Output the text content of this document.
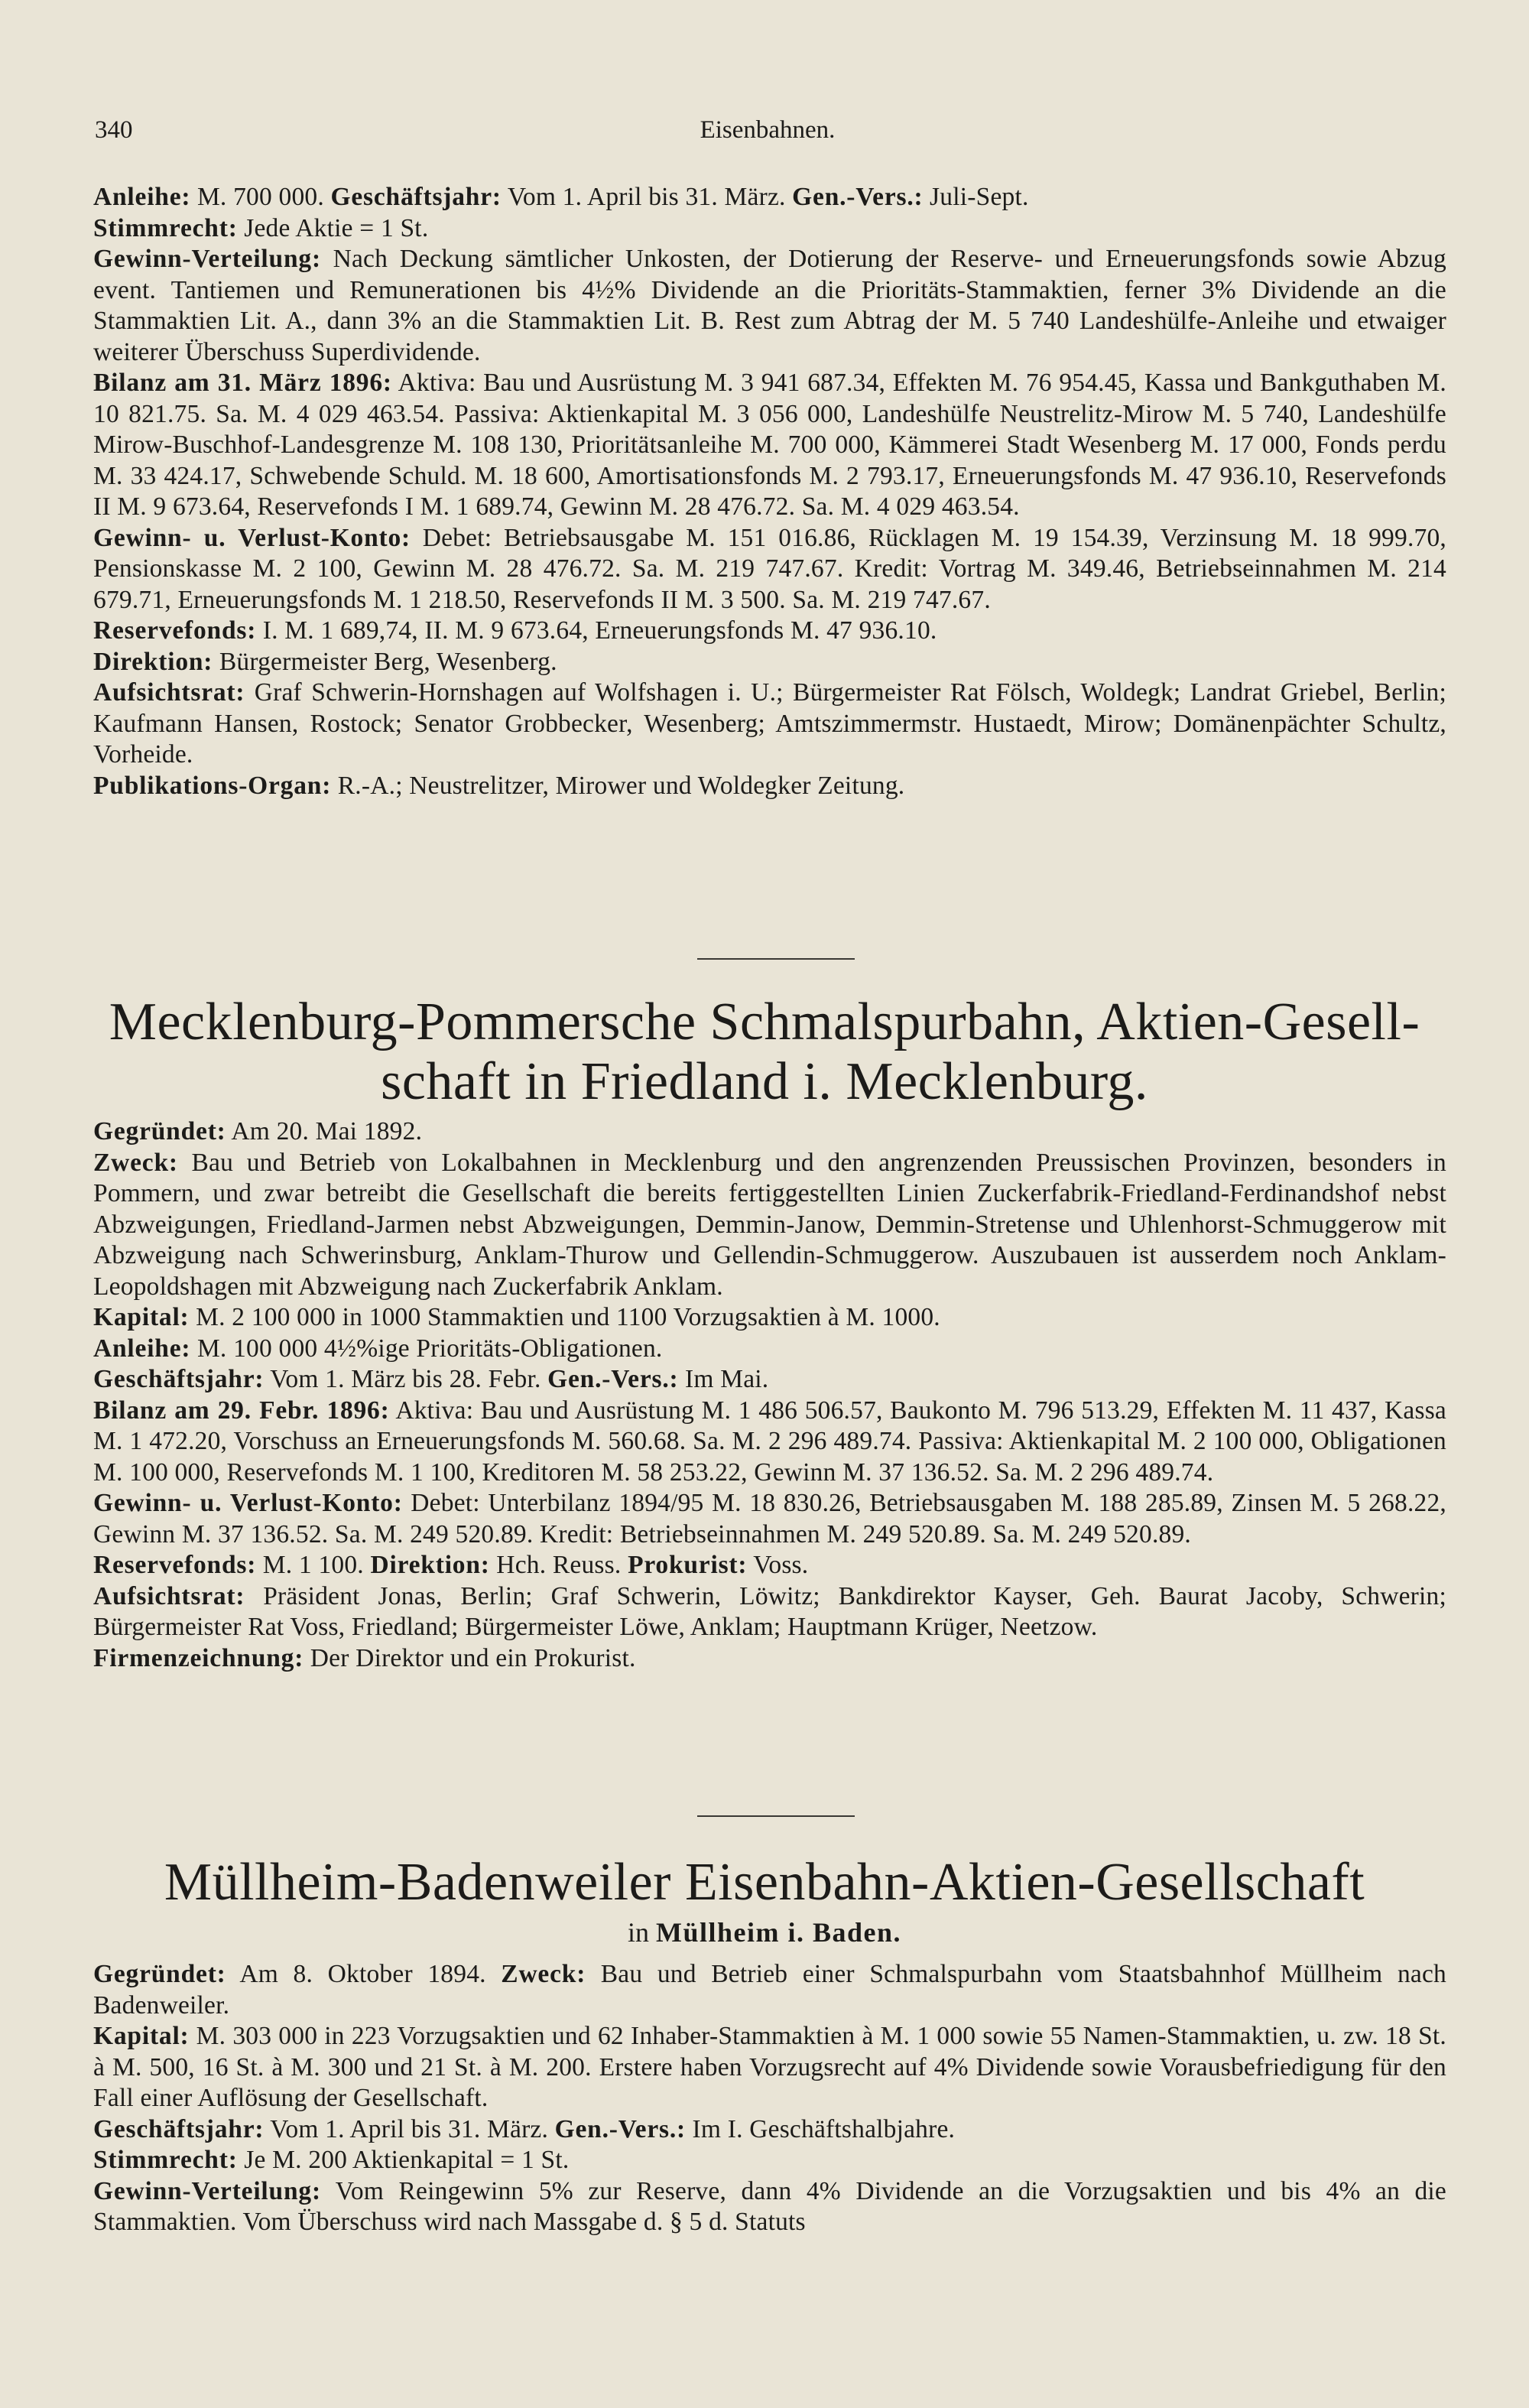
340	Eisenbahnen.

Anleihe: M. 700 000. Geschäftsjahr: Vom 1. April bis 31. März. Gen.-Vers.: Juli-Sept.

Stimmrecht: Jede Aktie = 1 St.

Gewinn-Verteilung: Nach Deckung sämtlicher Unkosten, der Dotierung der Reserve- und Erneuerungsfonds sowie Abzug event. Tantiemen und Remunerationen bis 4½% Dividende an die Prioritäts-Stammaktien, ferner 3% Dividende an die Stammaktien Lit. A., dann 3% an die Stammaktien Lit. B. Rest zum Abtrag der M. 5 740 Landeshülfe-Anleihe und etwaiger weiterer Überschuss Superdividende.

Bilanz am 31. März 1896: Aktiva: Bau und Ausrüstung M. 3 941 687.34, Effekten M. 76 954.45, Kassa und Bankguthaben M. 10 821.75. Sa. M. 4 029 463.54. Passiva: Aktienkapital M. 3 056 000, Landeshülfe Neustrelitz-Mirow M. 5 740, Landeshülfe Mirow-Buschhof-Landesgrenze M. 108 130, Prioritätsanleihe M. 700 000, Kämmerei Stadt Wesenberg M. 17 000, Fonds perdu M. 33 424.17, Schwebende Schuld. M. 18 600, Amortisationsfonds M. 2 793.17, Erneuerungsfonds M. 47 936.10, Reservefonds II M. 9 673.64, Reservefonds I M. 1 689.74, Gewinn M. 28 476.72. Sa. M. 4 029 463.54.

Gewinn- u. Verlust-Konto: Debet: Betriebsausgabe M. 151 016.86, Rücklagen M. 19 154.39, Verzinsung M. 18 999.70, Pensionskasse M. 2 100, Gewinn M. 28 476.72. Sa. M. 219 747.67. Kredit: Vortrag M. 349.46, Betriebseinnahmen M. 214 679.71, Erneuerungsfonds M. 1 218.50, Reservefonds II M. 3 500. Sa. M. 219 747.67.

Reservefonds: I. M. 1 689,74, II. M. 9 673.64, Erneuerungsfonds M. 47 936.10.

Direktion: Bürgermeister Berg, Wesenberg.

Aufsichtsrat: Graf Schwerin-Hornshagen auf Wolfshagen i. U.; Bürgermeister Rat Fölsch, Woldegk; Landrat Griebel, Berlin; Kaufmann Hansen, Rostock; Senator Grobbecker, Wesenberg; Amtszimmermstr. Hustaedt, Mirow; Domänenpächter Schultz, Vorheide.

Publikations-Organ: R.-A.; Neustrelitzer, Mirower und Woldegker Zeitung.

Mecklenburg-Pommersche Schmalspurbahn, Aktien-Gesell-
schaft in Friedland i. Mecklenburg.

Gegründet: Am 20. Mai 1892.

Zweck: Bau und Betrieb von Lokalbahnen in Mecklenburg und den angrenzenden Preussischen Provinzen, besonders in Pommern, und zwar betreibt die Gesellschaft die bereits fertiggestellten Linien Zuckerfabrik-Friedland-Ferdinandshof nebst Abzweigungen, Friedland-Jarmen nebst Abzweigungen, Demmin-Janow, Demmin-Stretense und Uhlenhorst-Schmuggerow mit Abzweigung nach Schwerinsburg, Anklam-Thurow und Gellendin-Schmuggerow. Auszubauen ist ausserdem noch Anklam-Leopoldshagen mit Abzweigung nach Zuckerfabrik Anklam.

Kapital: M. 2 100 000 in 1000 Stammaktien und 1100 Vorzugsaktien à M. 1000.

Anleihe: M. 100 000 4½%ige Prioritäts-Obligationen.

Geschäftsjahr: Vom 1. März bis 28. Febr. Gen.-Vers.: Im Mai.

Bilanz am 29. Febr. 1896: Aktiva: Bau und Ausrüstung M. 1 486 506.57, Baukonto M. 796 513.29, Effekten M. 11 437, Kassa M. 1 472.20, Vorschuss an Erneuerungsfonds M. 560.68. Sa. M. 2 296 489.74. Passiva: Aktienkapital M. 2 100 000, Obligationen M. 100 000, Reservefonds M. 1 100, Kreditoren M. 58 253.22, Gewinn M. 37 136.52. Sa. M. 2 296 489.74.

Gewinn- u. Verlust-Konto: Debet: Unterbilanz 1894/95 M. 18 830.26, Betriebsausgaben M. 188 285.89, Zinsen M. 5 268.22, Gewinn M. 37 136.52. Sa. M. 249 520.89. Kredit: Betriebseinnahmen M. 249 520.89. Sa. M. 249 520.89.

Reservefonds: M. 1 100. Direktion: Hch. Reuss. Prokurist: Voss.

Aufsichtsrat: Präsident Jonas, Berlin; Graf Schwerin, Löwitz; Bankdirektor Kayser, Geh. Baurat Jacoby, Schwerin; Bürgermeister Rat Voss, Friedland; Bürgermeister Löwe, Anklam; Hauptmann Krüger, Neetzow.

Firmenzeichnung: Der Direktor und ein Prokurist.

Müllheim-Badenweiler Eisenbahn-Aktien-Gesellschaft
in Müllheim i. Baden.

Gegründet: Am 8. Oktober 1894. Zweck: Bau und Betrieb einer Schmalspurbahn vom Staatsbahnhof Müllheim nach Badenweiler.

Kapital: M. 303 000 in 223 Vorzugsaktien und 62 Inhaber-Stammaktien à M. 1 000 sowie 55 Namen-Stammaktien, u. zw. 18 St. à M. 500, 16 St. à M. 300 und 21 St. à M. 200. Erstere haben Vorzugsrecht auf 4% Dividende sowie Vorausbefriedigung für den Fall einer Auflösung der Gesellschaft.

Geschäftsjahr: Vom 1. April bis 31. März. Gen.-Vers.: Im I. Geschäftshalbjahre.

Stimmrecht: Je M. 200 Aktienkapital = 1 St.

Gewinn-Verteilung: Vom Reingewinn 5% zur Reserve, dann 4% Dividende an die Vorzugsaktien und bis 4% an die Stammaktien. Vom Überschuss wird nach Massgabe d. § 5 d. Statuts
